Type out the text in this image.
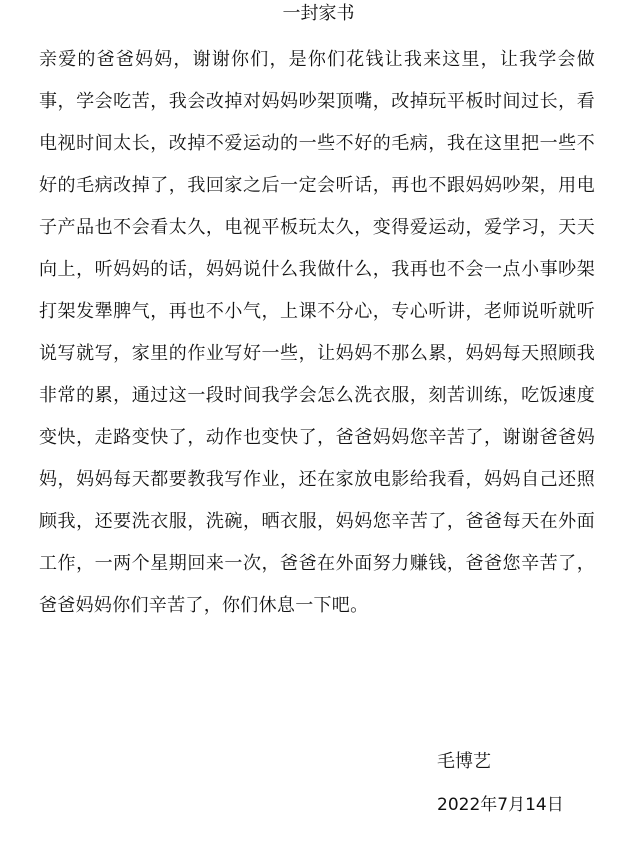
一封家书

亲爱的爸爸妈妈，谢谢你们，是你们花钱让我来这里，让我学会做事，学会吃苦，我会改掉对妈妈吵架顶嘴，改掉玩平板时间过长，看电视时间太长，改掉不爱运动的一些不好的毛病，我在这里把一些不好的毛病改掉了，我回家之后一定会听话，再也不跟妈妈吵架，用电子产品也不会看太久，电视平板玩太久，变得爱运动，爱学习，天天向上，听妈妈的话，妈妈说什么我做什么，我再也不会一点小事吵架打架发犟脾气，再也不小气，上课不分心，专心听讲，老师说听就听说写就写，家里的作业写好一些，让妈妈不那么累，妈妈每天照顾我非常的累，通过这一段时间我学会怎么洗衣服，刻苦训练，吃饭速度变快，走路变快了，动作也变快了，爸爸妈妈您辛苦了，谢谢爸爸妈妈，妈妈每天都要教我写作业，还在家放电影给我看，妈妈自己还照顾我，还要洗衣服，洗碗，晒衣服，妈妈您辛苦了，爸爸每天在外面工作，一两个星期回来一次，爸爸在外面努力赚钱，爸爸您辛苦了，爸爸妈妈你们辛苦了，你们休息一下吧。

毛博艺
2022年7月14日
